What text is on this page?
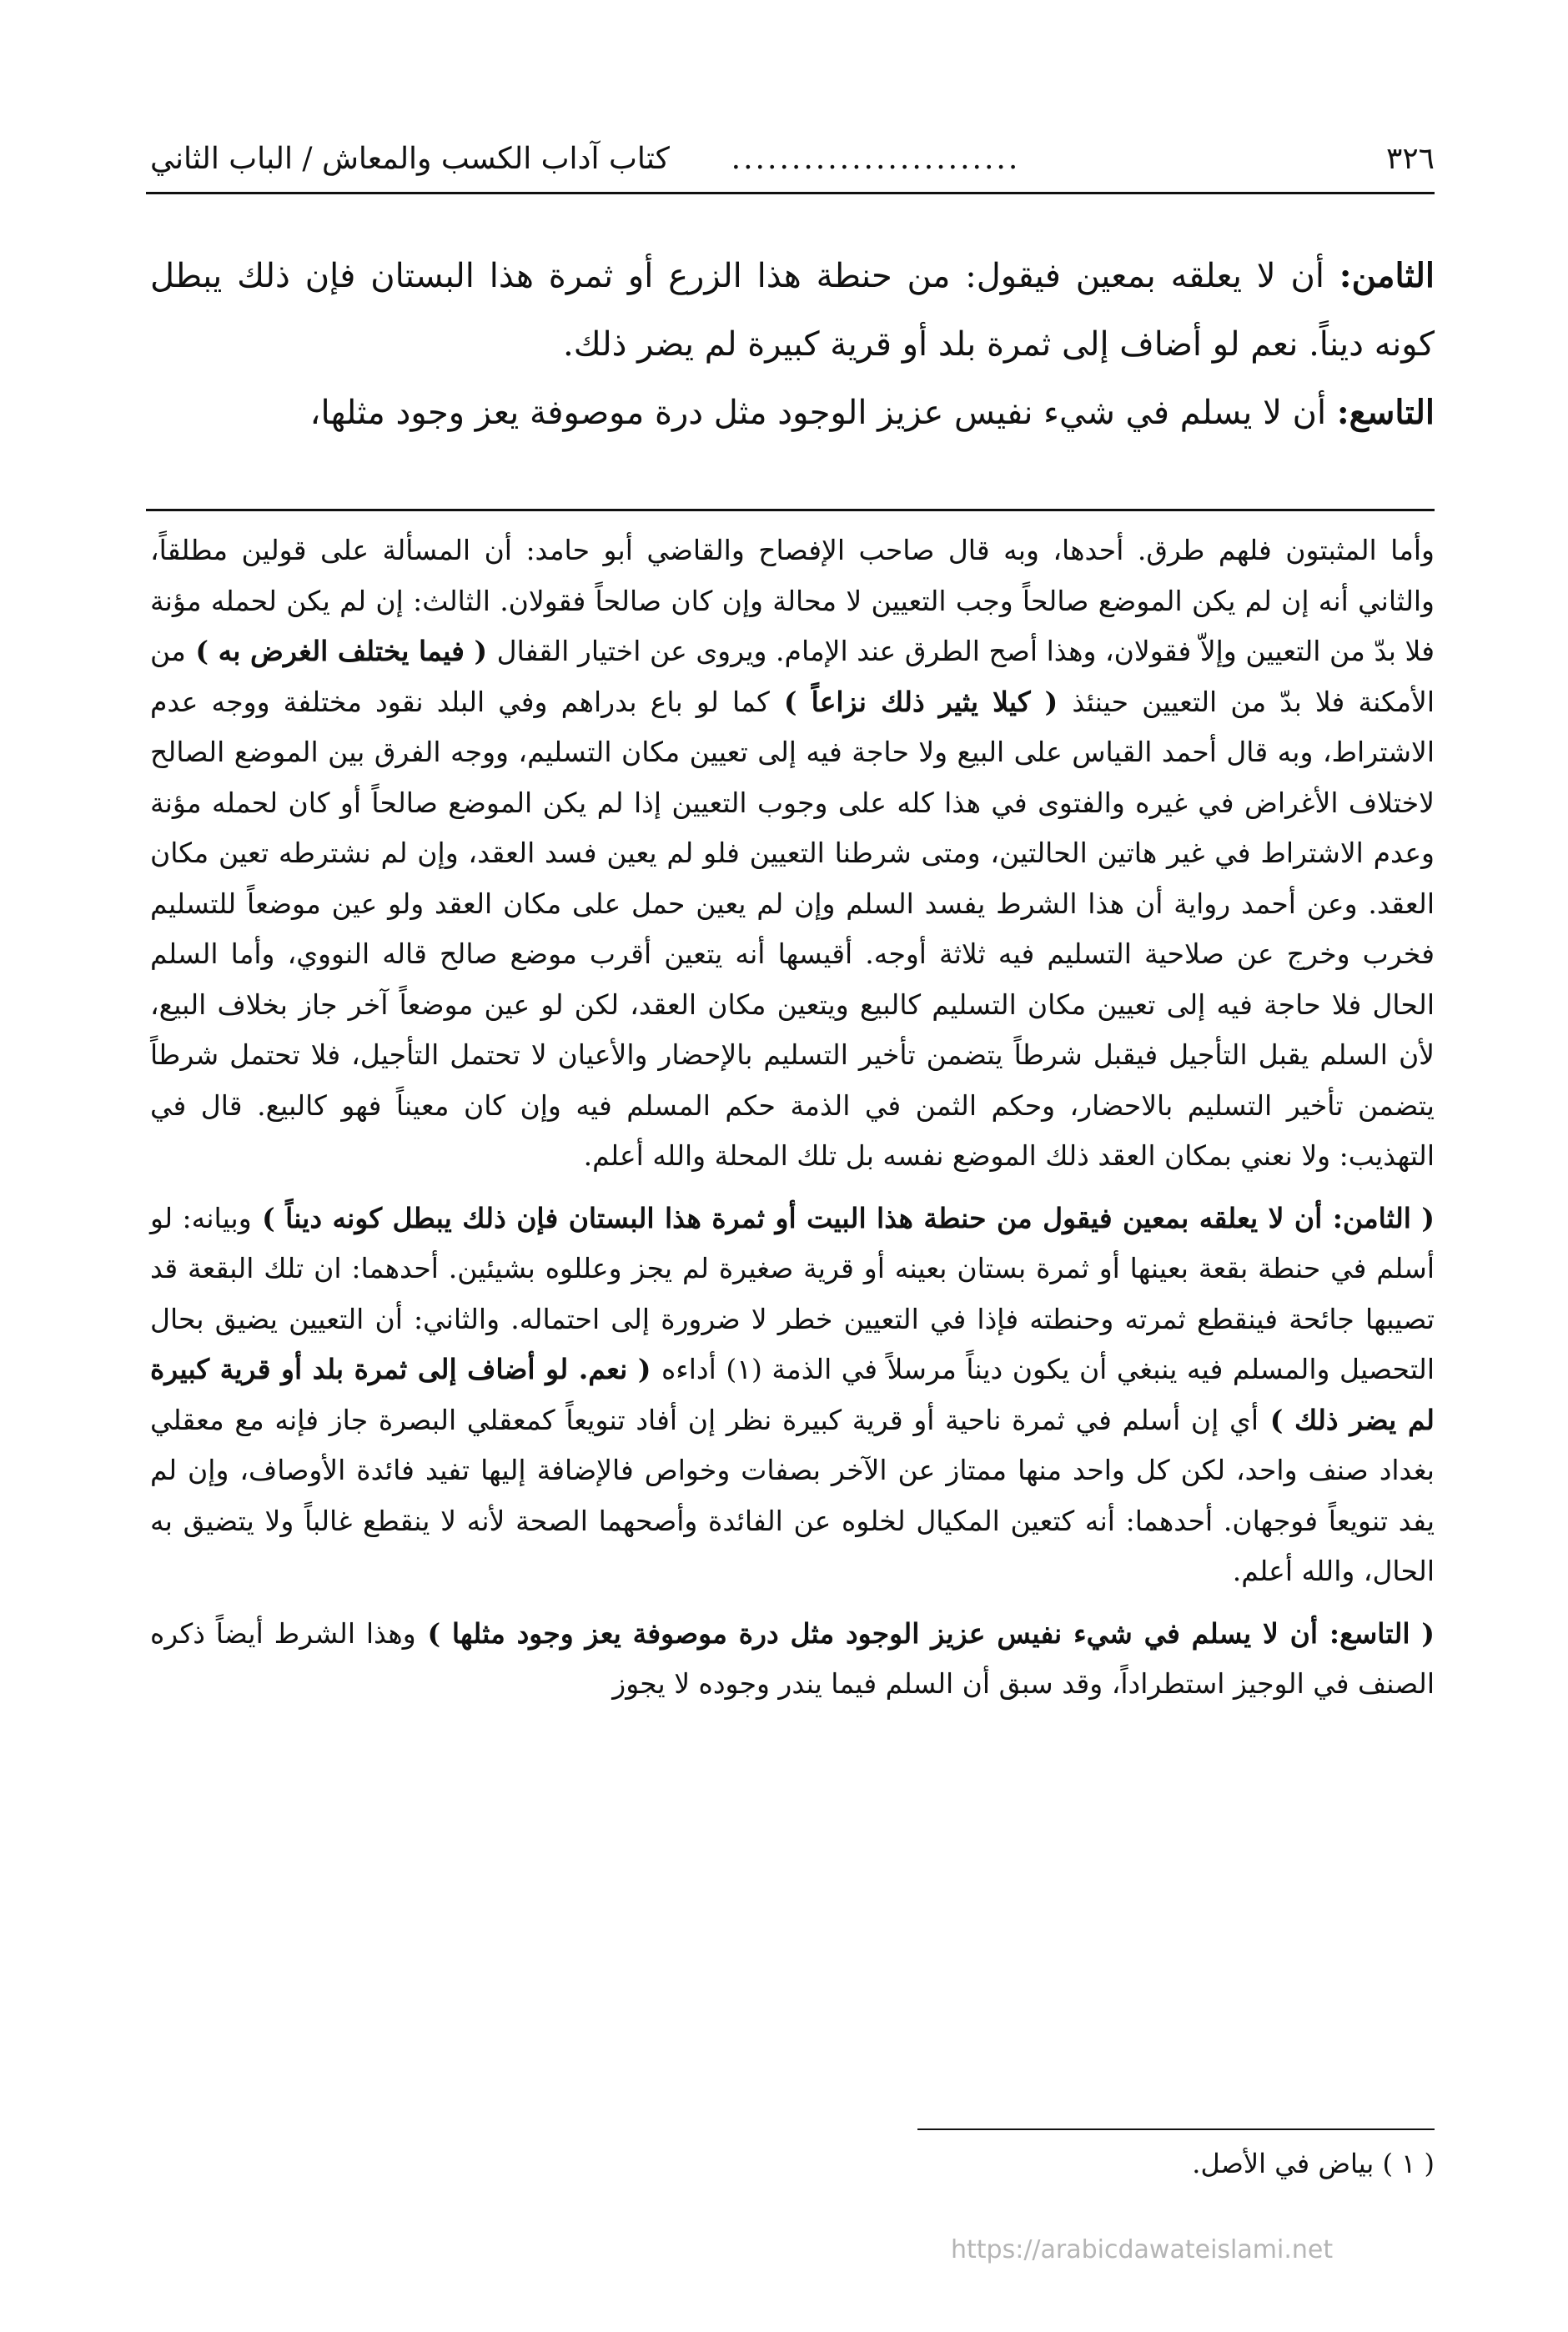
٣٢٦
........................
كتاب آداب الكسب والمعاش / الباب الثاني

الثامن: أن لا يعلقه بمعين فيقول: من حنطة هذا الزرع أو ثمرة هذا البستان فإن ذلك يبطل كونه ديناً. نعم لو أضاف إلى ثمرة بلد أو قرية كبيرة لم يضر ذلك.

التاسع: أن لا يسلم في شيء نفيس عزيز الوجود مثل درة موصوفة يعز وجود مثلها،

وأما المثبتون فلهم طرق. أحدها، وبه قال صاحب الإفصاح والقاضي أبو حامد: أن المسألة على قولين مطلقاً، والثاني أنه إن لم يكن الموضع صالحاً وجب التعيين لا محالة وإن كان صالحاً فقولان. الثالث: إن لم يكن لحمله مؤنة فلا بدّ من التعيين وإلاّ فقولان، وهذا أصح الطرق عند الإمام. ويروى عن اختيار القفال ( فيما يختلف الغرض به ) من الأمكنة فلا بدّ من التعيين حينئذ ( كيلا يثير ذلك نزاعاً ) كما لو باع بدراهم وفي البلد نقود مختلفة ووجه عدم الاشتراط، وبه قال أحمد القياس على البيع ولا حاجة فيه إلى تعيين مكان التسليم، ووجه الفرق بين الموضع الصالح لاختلاف الأغراض في غيره والفتوى في هذا كله على وجوب التعيين إذا لم يكن الموضع صالحاً أو كان لحمله مؤنة وعدم الاشتراط في غير هاتين الحالتين، ومتى شرطنا التعيين فلو لم يعين فسد العقد، وإن لم نشترطه تعين مكان العقد. وعن أحمد رواية أن هذا الشرط يفسد السلم وإن لم يعين حمل على مكان العقد ولو عين موضعاً للتسليم فخرب وخرج عن صلاحية التسليم فيه ثلاثة أوجه. أقيسها أنه يتعين أقرب موضع صالح قاله النووي، وأما السلم الحال فلا حاجة فيه إلى تعيين مكان التسليم كالبيع ويتعين مكان العقد، لكن لو عين موضعاً آخر جاز بخلاف البيع، لأن السلم يقبل التأجيل فيقبل شرطاً يتضمن تأخير التسليم بالإحضار والأعيان لا تحتمل التأجيل، فلا تحتمل شرطاً يتضمن تأخير التسليم بالاحضار، وحكم الثمن في الذمة حكم المسلم فيه وإن كان معيناً فهو كالبيع. قال في التهذيب: ولا نعني بمكان العقد ذلك الموضع نفسه بل تلك المحلة والله أعلم.

( الثامن: أن لا يعلقه بمعين فيقول من حنطة هذا البيت أو ثمرة هذا البستان فإن ذلك يبطل كونه ديناً ) وبيانه: لو أسلم في حنطة بقعة بعينها أو ثمرة بستان بعينه أو قرية صغيرة لم يجز وعللوه بشيئين. أحدهما: ان تلك البقعة قد تصيبها جائحة فينقطع ثمرته وحنطته فإذا في التعيين خطر لا ضرورة إلى احتماله. والثاني: أن التعيين يضيق بحال التحصيل والمسلم فيه ينبغي أن يكون ديناً مرسلاً في الذمة (١) أداءه ( نعم. لو أضاف إلى ثمرة بلد أو قرية كبيرة لم يضر ذلك ) أي إن أسلم في ثمرة ناحية أو قرية كبيرة نظر إن أفاد تنويعاً كمعقلي البصرة جاز فإنه مع معقلي بغداد صنف واحد، لكن كل واحد منها ممتاز عن الآخر بصفات وخواص فالإضافة إليها تفيد فائدة الأوصاف، وإن لم يفد تنويعاً فوجهان. أحدهما: أنه كتعين المكيال لخلوه عن الفائدة وأصحهما الصحة لأنه لا ينقطع غالباً ولا يتضيق به الحال، والله أعلم.

( التاسع: أن لا يسلم في شيء نفيس عزيز الوجود مثل درة موصوفة يعز وجود مثلها ) وهذا الشرط أيضاً ذكره الصنف في الوجيز استطراداً، وقد سبق أن السلم فيما يندر وجوده لا يجوز

( ١ ) بياض في الأصل.
https://arabicdawateislami.net
